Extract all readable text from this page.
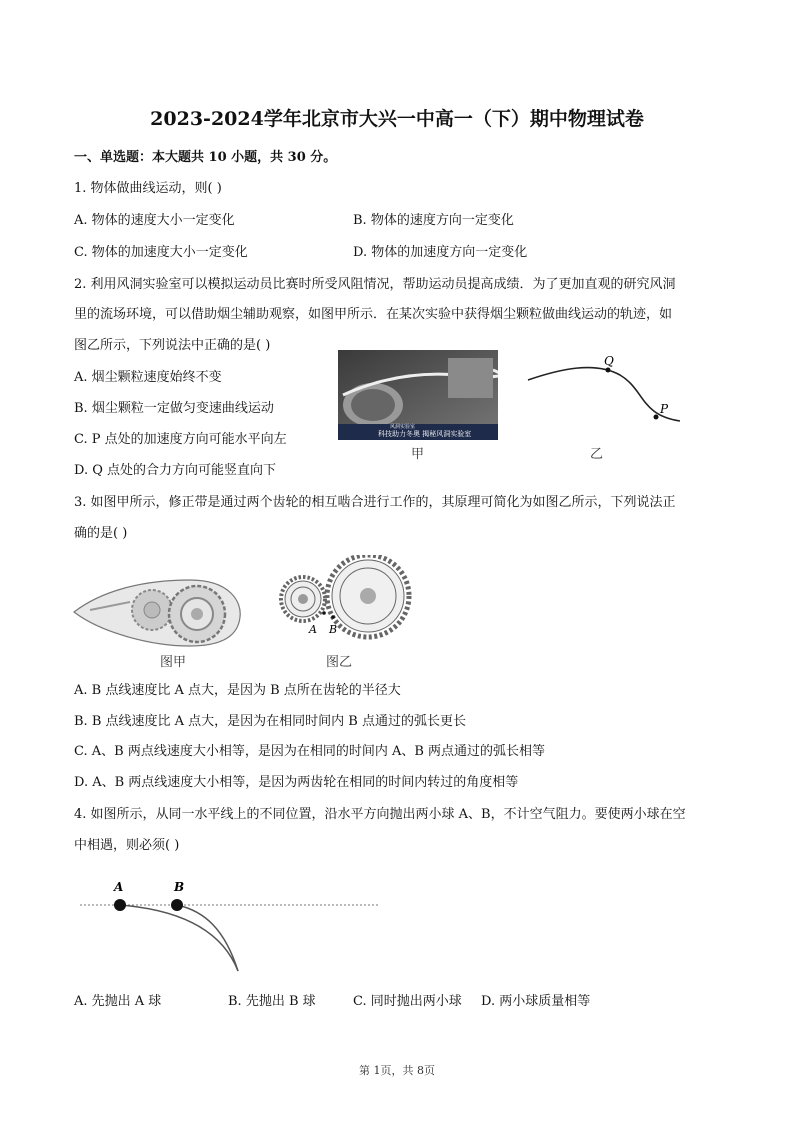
2023-2024学年北京市大兴一中高一（下）期中物理试卷
一、单选题：本大题共 10 小题，共 30 分。
1. 物体做曲线运动，则( )
A. 物体的速度大小一定变化	B. 物体的速度方向一定变化
C. 物体的加速度大小一定变化	D. 物体的加速度方向一定变化
2. 利用风洞实验室可以模拟运动员比赛时所受风阻情况，帮助运动员提高成绩．为了更加直观的研究风洞
里的流场环境，可以借助烟尘辅助观察，如图甲所示．在某次实验中获得烟尘颗粒做曲线运动的轨迹，如
图乙所示，下列说法中正确的是( )
A. 烟尘颗粒速度始终不变
B. 烟尘颗粒一定做匀变速曲线运动
C. P 点处的加速度方向可能水平向左
D. Q 点处的合力方向可能竖直向下
风洞实验室
科技助力冬奥 揭秘风洞实验室
甲
Q
P
乙
3. 如图甲所示，修正带是通过两个齿轮的相互啮合进行工作的，其原理可简化为如图乙所示，下列说法正
确的是( )
图甲
A B
图乙
A. B 点线速度比 A 点大，是因为 B 点所在齿轮的半径大
B. B 点线速度比 A 点大，是因为在相同时间内 B 点通过的弧长更长
C. A、B 两点线速度大小相等，是因为在相同的时间内 A、B 两点通过的弧长相等
D. A、B 两点线速度大小相等，是因为两齿轮在相同的时间内转过的角度相等
4. 如图所示，从同一水平线上的不同位置，沿水平方向抛出两小球 A、B，不计空气阻力。要使两小球在空
中相遇，则必须( )
A	B
A. 先抛出 A 球	B. 先抛出 B 球	C. 同时抛出两小球 D. 两小球质量相等
第 1页，共 8页
